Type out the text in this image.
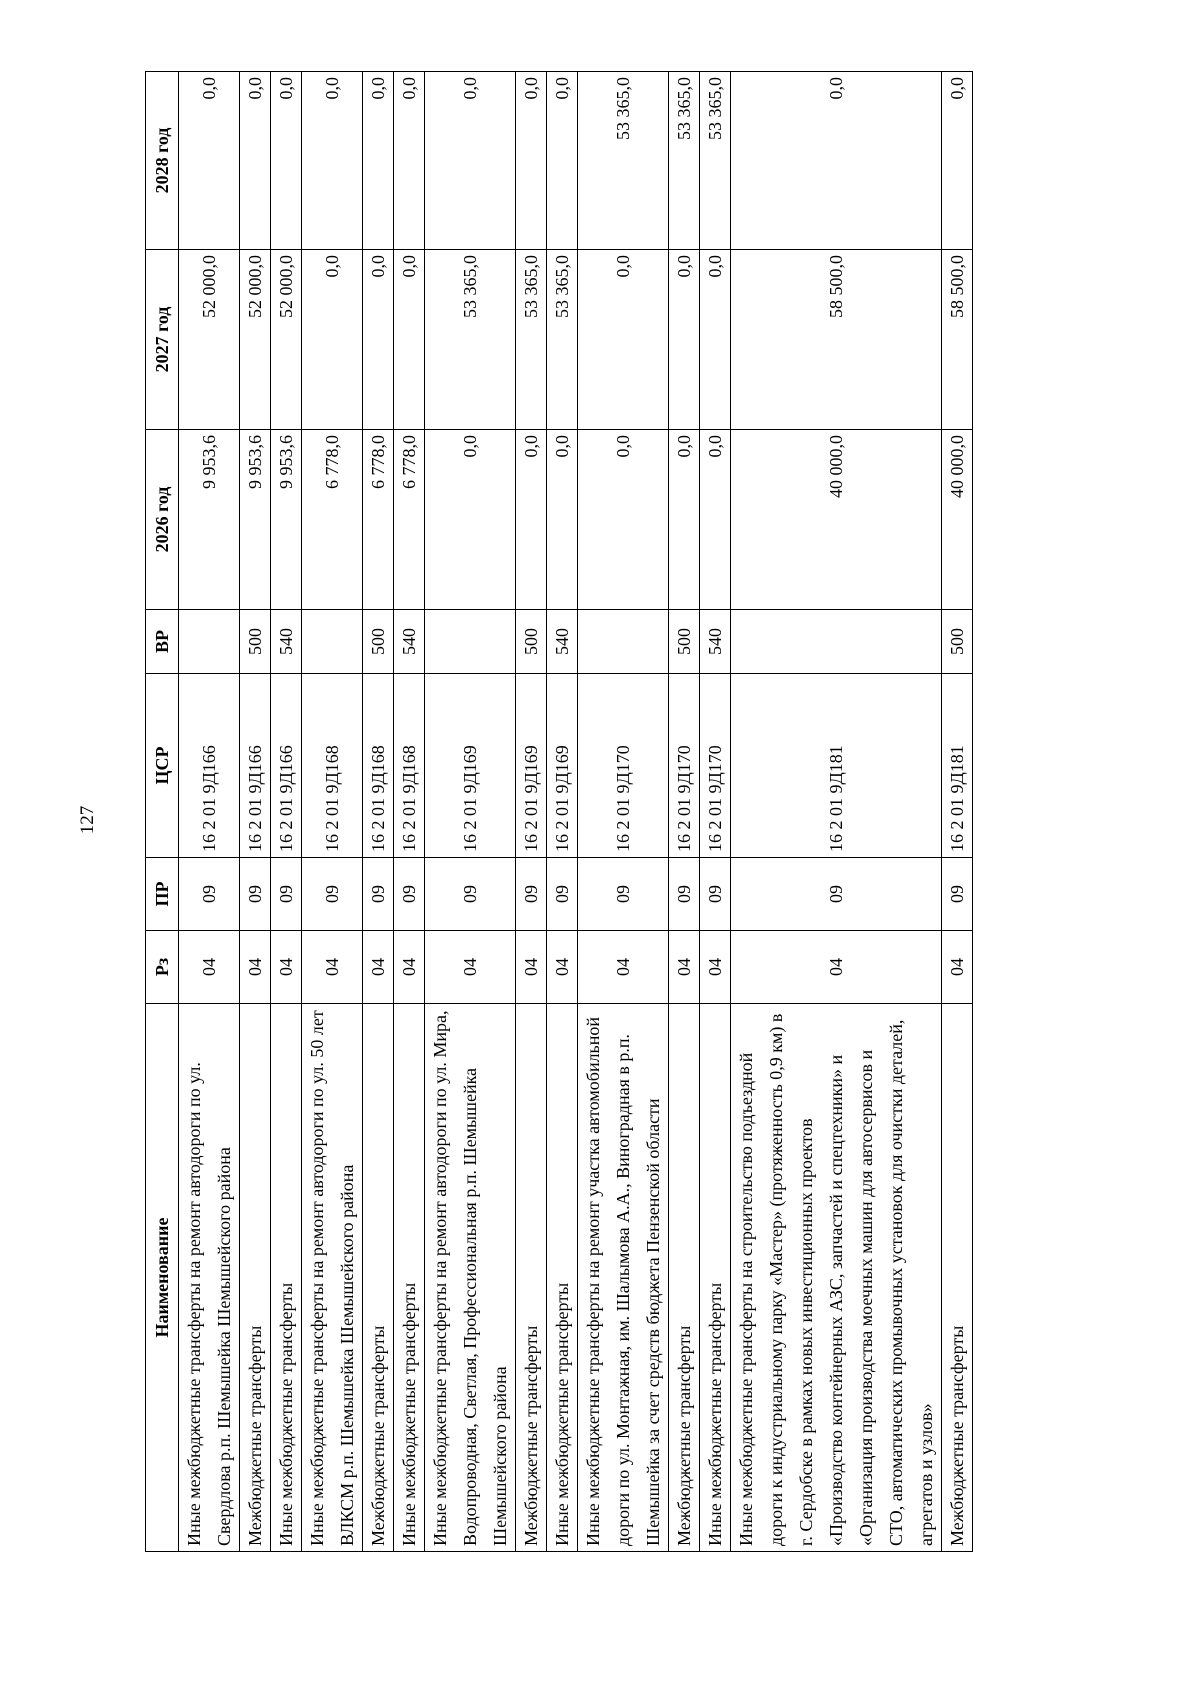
127
Наименование	Рз	ПР	ЦСР	ВР	2026 год	2027 год	2028 год
Иные межбюджетные трансферты на ремонт автодороги по ул. Свердлова р.п. Шемышейка Шемышейского района	04	09	16 2 01 9Д166		9 953,6	52 000,0	0,0
Межбюджетные трансферты	04	09	16 2 01 9Д166	500	9 953,6	52 000,0	0,0
Иные межбюджетные трансферты	04	09	16 2 01 9Д166	540	9 953,6	52 000,0	0,0
Иные межбюджетные трансферты на ремонт автодороги по ул. 50 лет ВЛКСМ р.п. Шемышейка Шемышейского района	04	09	16 2 01 9Д168		6 778,0	0,0	0,0
Межбюджетные трансферты	04	09	16 2 01 9Д168	500	6 778,0	0,0	0,0
Иные межбюджетные трансферты	04	09	16 2 01 9Д168	540	6 778,0	0,0	0,0
Иные межбюджетные трансферты на ремонт автодороги по ул. Мира, Водопроводная, Светлая, Профессиональная р.п. Шемышейка Шемышейского района	04	09	16 2 01 9Д169		0,0	53 365,0	0,0
Межбюджетные трансферты	04	09	16 2 01 9Д169	500	0,0	53 365,0	0,0
Иные межбюджетные трансферты	04	09	16 2 01 9Д169	540	0,0	53 365,0	0,0
Иные межбюджетные трансферты на ремонт участка автомобильной дороги по ул. Монтажная, им. Шалымова А.А., Виноградная в р.п. Шемышейка за счет средств бюджета Пензенской области	04	09	16 2 01 9Д170		0,0	0,0	53 365,0
Межбюджетные трансферты	04	09	16 2 01 9Д170	500	0,0	0,0	53 365,0
Иные межбюджетные трансферты	04	09	16 2 01 9Д170	540	0,0	0,0	53 365,0
Иные межбюджетные трансферты на строительство подъездной дороги к индустриальному парку «Мастер» (протяженность 0,9 км) в г. Сердобске в рамках новых инвестиционных проектов «Производство контейнерных АЗС, запчастей и спецтехники» и «Организация производства моечных машин для автосервисов и СТО, автоматических промывочных установок для очистки деталей, агрегатов и узлов»	04	09	16 2 01 9Д181		40 000,0	58 500,0	0,0
Межбюджетные трансферты	04	09	16 2 01 9Д181	500	40 000,0	58 500,0	0,0
